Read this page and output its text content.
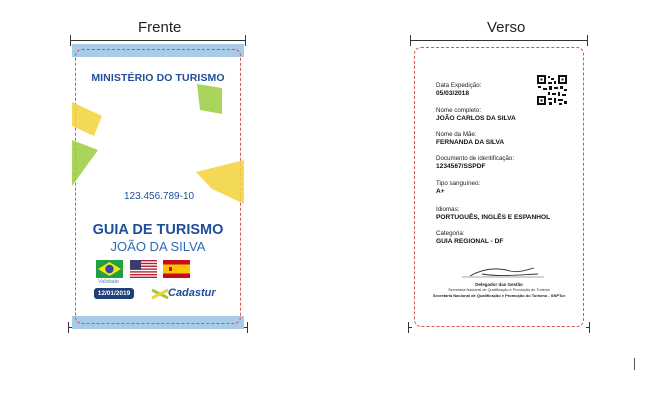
Frente	Verso
MINISTÉRIO DO TURISMO
123.456.789-10
GUIA DE TURISMO
JOÃO DA SILVA
Validade
12/01/2019	Cadastur
Data Expedição:
05/03/2018
Nome completo:
JOÃO CARLOS DA SILVA
Nome da Mãe:
FERNANDA DA SILVA
Documento de identificação:
1234567/SSPDF
Tipo sanguíneo:
A+
Idiomas:
PORTUGUÊS, INGLÊS E ESPANHOL
Categoria:
GUIA REGIONAL - DF
Delegador das Gestão
Secretaria Nacional de Qualificação e Promoção do Turismo
Secretaria Nacional de Qualificação e Promoção do Turismo - SNPTur
